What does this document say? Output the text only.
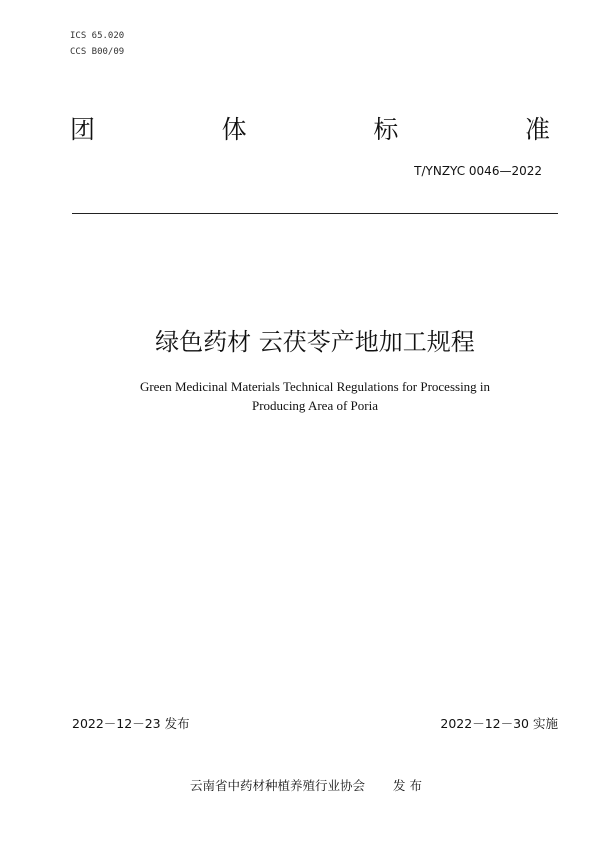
ICS 65.020
CCS B00/09
团	体	标	准
T/YNZYC 0046—2022
绿色药材 云茯苓产地加工规程
Green Medicinal Materials Technical Regulations for Processing in
Producing Area of Poria
2022－12－23 发布	2022－12－30 实施
云南省中药材种植养殖行业协会 发 布
